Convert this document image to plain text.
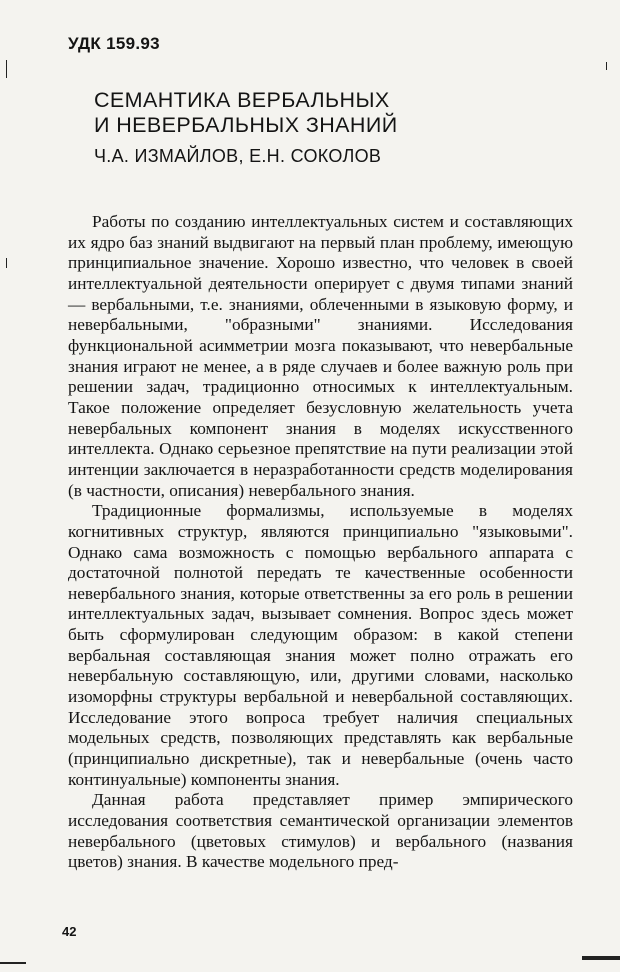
УДК 159.93
СЕМАНТИКА ВЕРБАЛЬНЫХ
И НЕВЕРБАЛЬНЫХ ЗНАНИЙ
Ч.А. ИЗМАЙЛОВ, Е.Н. СОКОЛОВ

Работы по созданию интеллектуальных систем и составляющих их ядро баз знаний выдвигают на первый план проблему, имеющую принципиальное значение. Хорошо известно, что человек в своей интеллектуальной деятельности оперирует с двумя типами знаний — вербальными, т.е. знаниями, облеченными в языковую форму, и невербальными, "образными" знаниями. Исследования функциональной асимметрии мозга показывают, что невербальные знания играют не менее, а в ряде случаев и более важную роль при решении задач, традиционно относимых к интеллектуальным. Такое положение определяет безусловную желательность учета невербальных компонент знания в моделях искусственного интеллекта. Однако серьезное препятствие на пути реализации этой интенции заключается в неразработанности средств моделирования (в частности, описания) невербального знания.

Традиционные формализмы, используемые в моделях когнитивных структур, являются принципиально "языковыми". Однако сама возможность с помощью вербального аппарата с достаточной полнотой передать те качественные особенности невербального знания, которые ответственны за его роль в решении интеллектуальных задач, вызывает сомнения. Вопрос здесь может быть сформулирован следующим образом: в какой степени вербальная составляющая знания может полно отражать его невербальную составляющую, или, другими словами, насколько изоморфны структуры вербальной и невербальной составляющих. Исследование этого вопроса требует наличия специальных модельных средств, позволяющих представлять как вербальные (принципиально дискретные), так и невербальные (очень часто континуальные) компоненты знания.

Данная работа представляет пример эмпирического исследования соответствия семантической организации элементов невербального (цветовых стимулов) и вербального (названия цветов) знания. В качестве модельного пред-

42
